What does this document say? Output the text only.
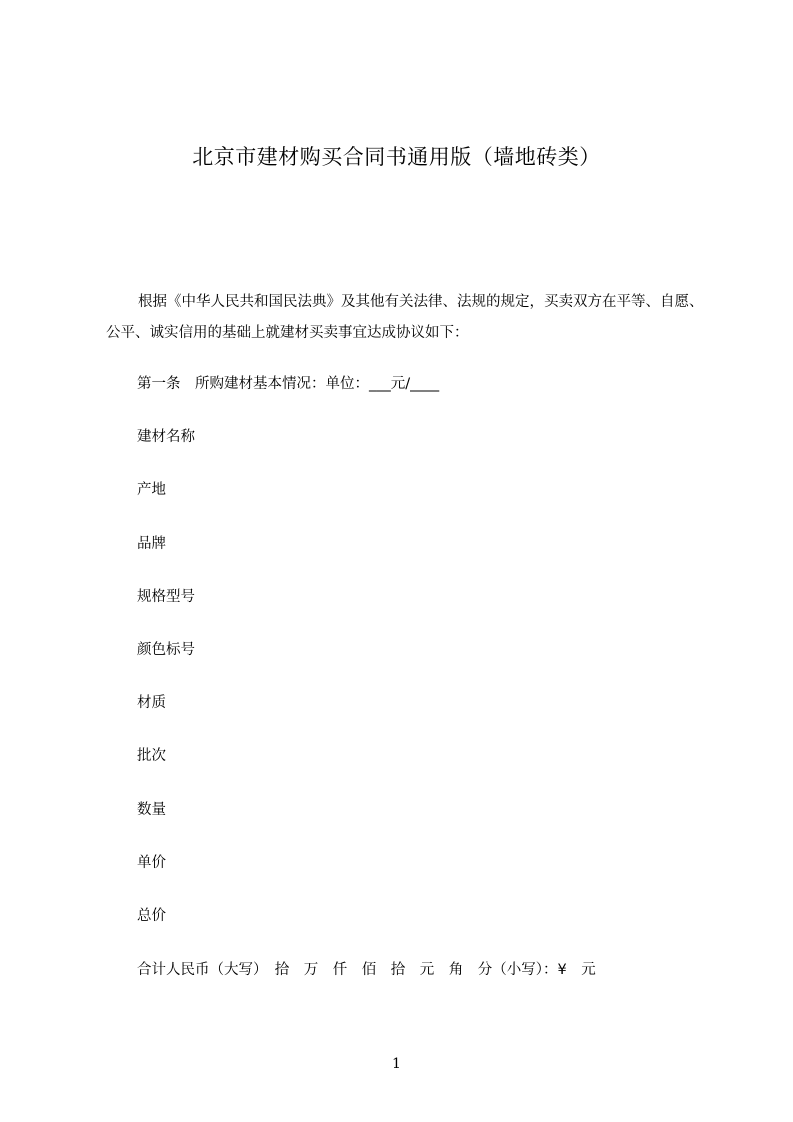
北京市建材购买合同书通用版（墙地砖类）

根据《中华人民共和国民法典》及其他有关法律、法规的规定，买卖双方在平等、自愿、公平、诚实信用的基础上就建材买卖事宜达成协议如下：

第一条　所购建材基本情况：单位：___元/____
建材名称
产地
品牌
规格型号
颜色标号
材质
批次
数量
单价
总价
合计人民币（大写）　拾　万　仟　佰　拾　元　角　分（小写）：¥　元
1
